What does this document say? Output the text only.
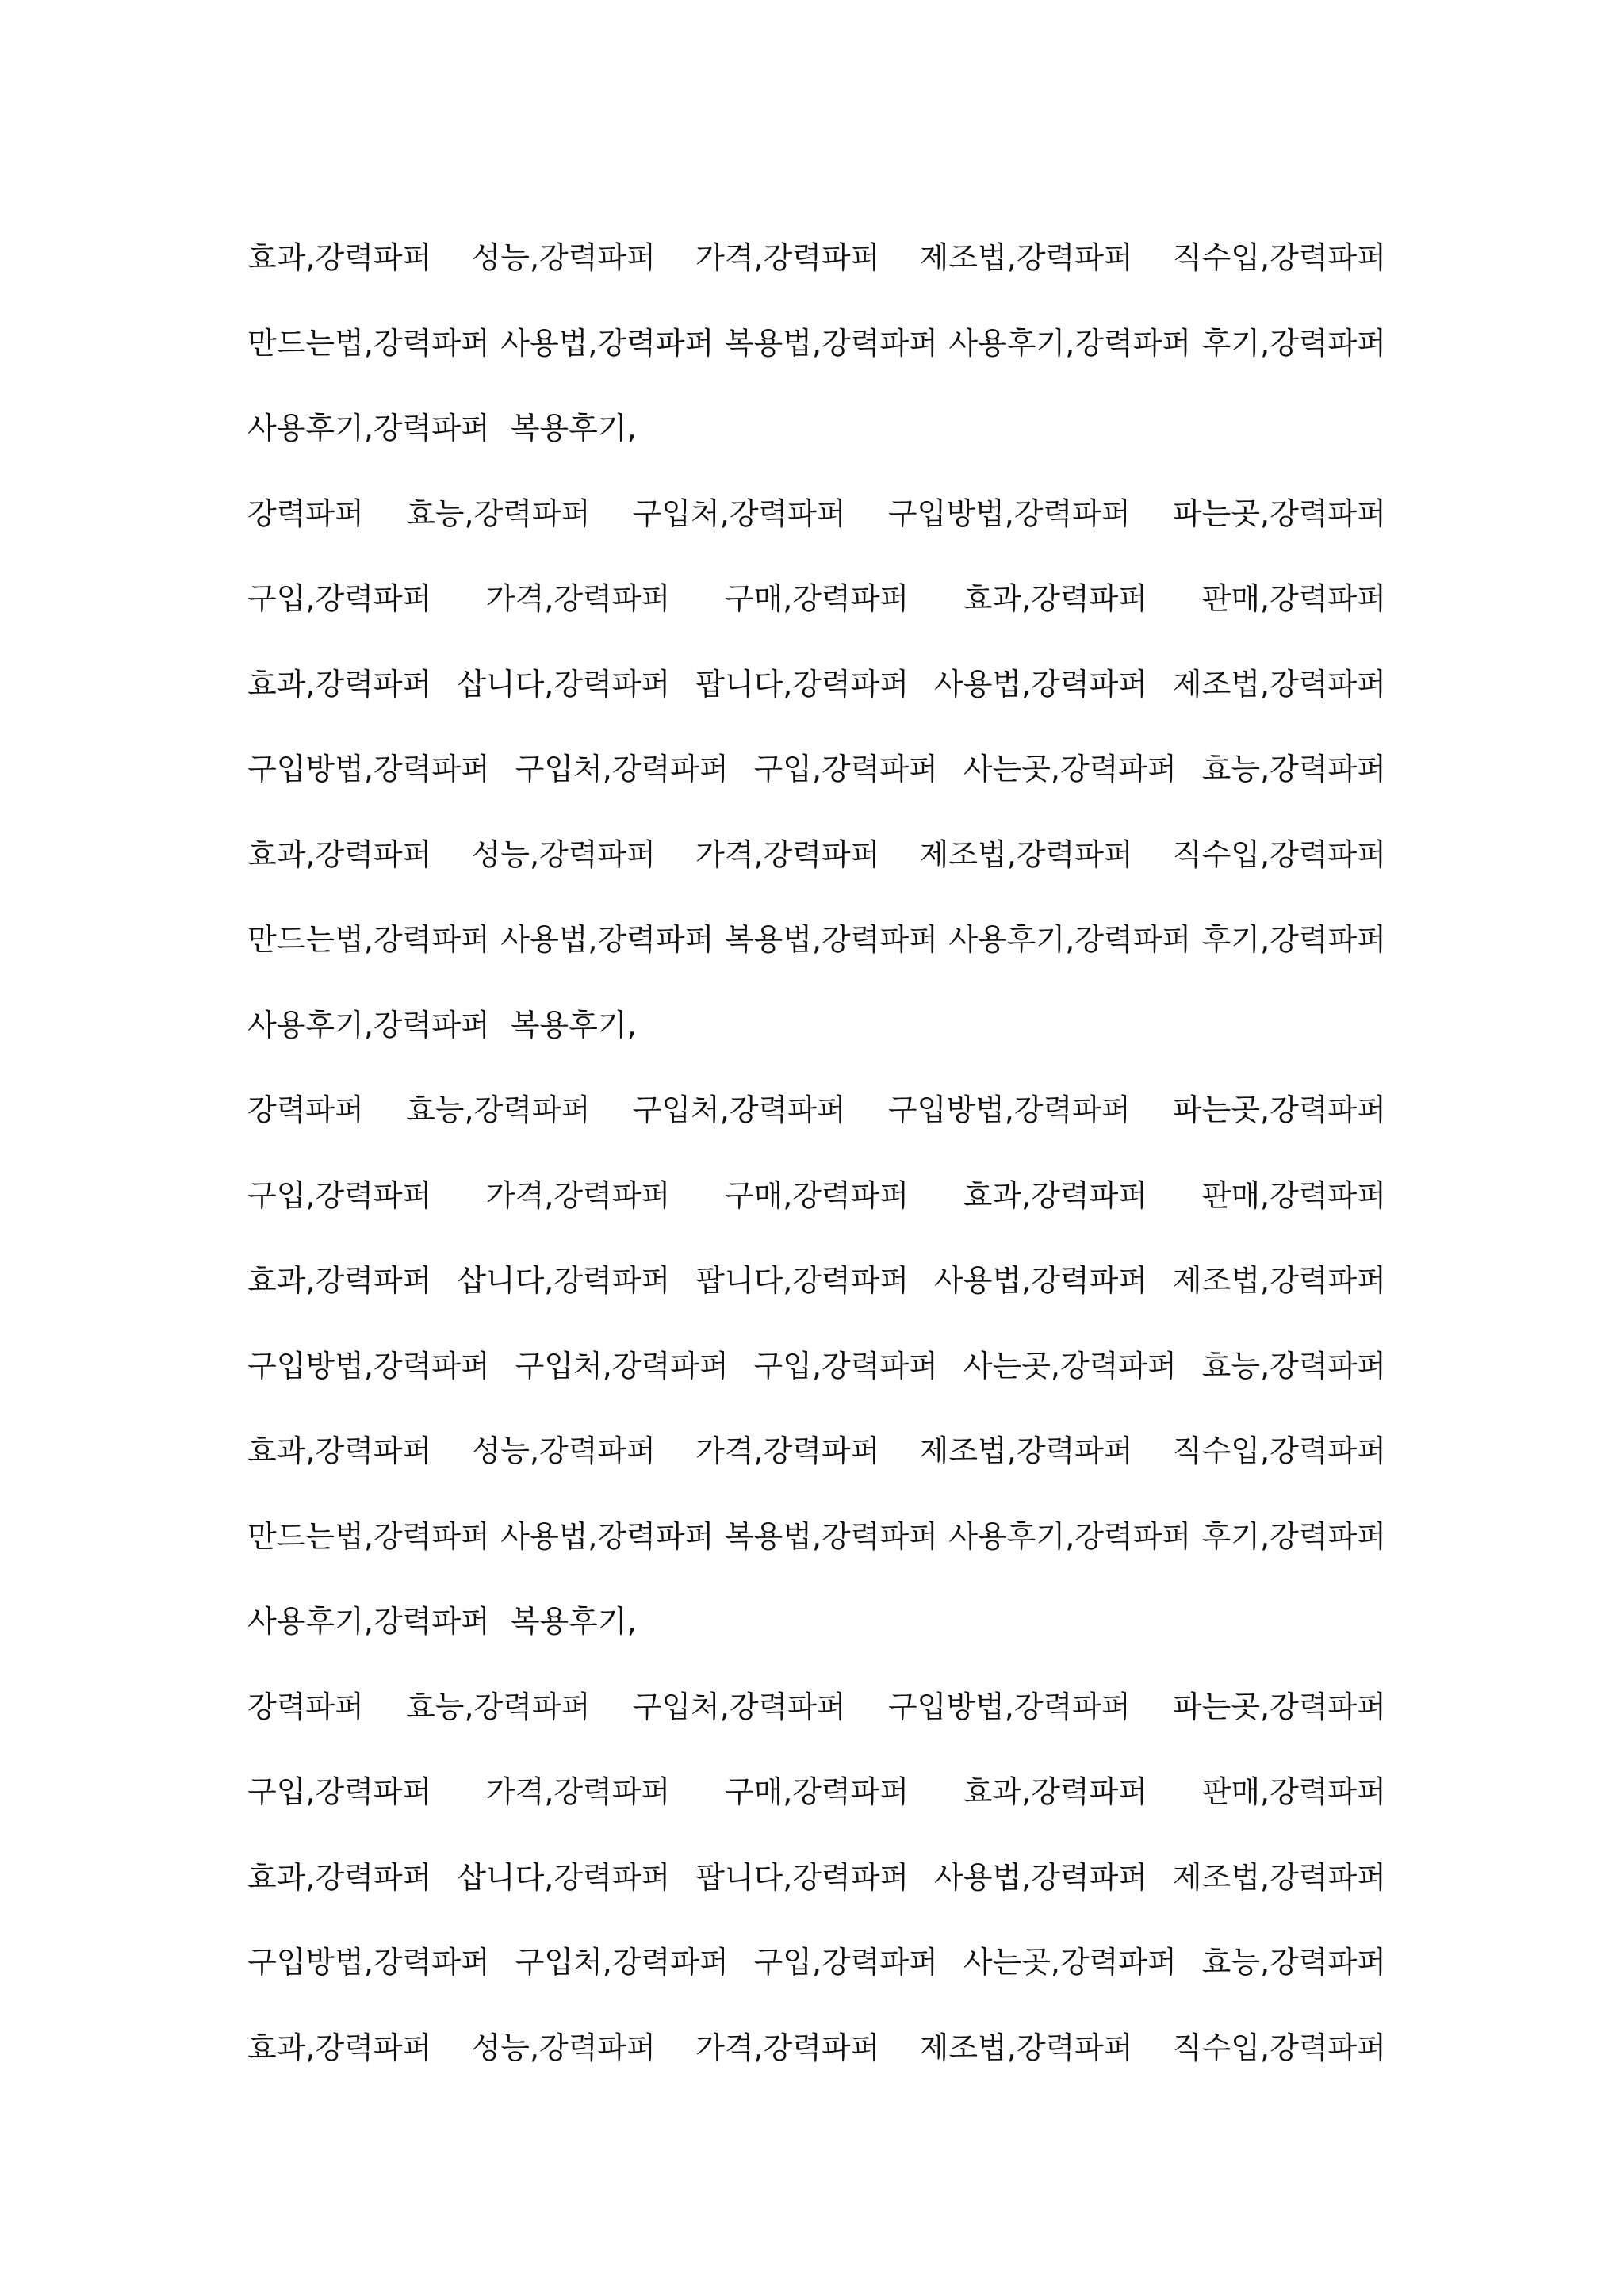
효과,강력파퍼 성능,강력파퍼 가격,강력파퍼 제조법,강력파퍼 직수입,강력파퍼
만드는법,강력파퍼 사용법,강력파퍼 복용법,강력파퍼 사용후기,강력파퍼 후기,강력파퍼
사용후기,강력파퍼 복용후기,
강력파퍼 효능,강력파퍼 구입처,강력파퍼 구입방법,강력파퍼 파는곳,강력파퍼
구입,강력파퍼 가격,강력파퍼 구매,강력파퍼 효과,강력파퍼 판매,강력파퍼
효과,강력파퍼 삽니다,강력파퍼 팝니다,강력파퍼 사용법,강력파퍼 제조법,강력파퍼
구입방법,강력파퍼 구입처,강력파퍼 구입,강력파퍼 사는곳,강력파퍼 효능,강력파퍼
효과,강력파퍼 성능,강력파퍼 가격,강력파퍼 제조법,강력파퍼 직수입,강력파퍼
만드는법,강력파퍼 사용법,강력파퍼 복용법,강력파퍼 사용후기,강력파퍼 후기,강력파퍼
사용후기,강력파퍼 복용후기,
강력파퍼 효능,강력파퍼 구입처,강력파퍼 구입방법,강력파퍼 파는곳,강력파퍼
구입,강력파퍼 가격,강력파퍼 구매,강력파퍼 효과,강력파퍼 판매,강력파퍼
효과,강력파퍼 삽니다,강력파퍼 팝니다,강력파퍼 사용법,강력파퍼 제조법,강력파퍼
구입방법,강력파퍼 구입처,강력파퍼 구입,강력파퍼 사는곳,강력파퍼 효능,강력파퍼
효과,강력파퍼 성능,강력파퍼 가격,강력파퍼 제조법,강력파퍼 직수입,강력파퍼
만드는법,강력파퍼 사용법,강력파퍼 복용법,강력파퍼 사용후기,강력파퍼 후기,강력파퍼
사용후기,강력파퍼 복용후기,
강력파퍼 효능,강력파퍼 구입처,강력파퍼 구입방법,강력파퍼 파는곳,강력파퍼
구입,강력파퍼 가격,강력파퍼 구매,강력파퍼 효과,강력파퍼 판매,강력파퍼
효과,강력파퍼 삽니다,강력파퍼 팝니다,강력파퍼 사용법,강력파퍼 제조법,강력파퍼
구입방법,강력파퍼 구입처,강력파퍼 구입,강력파퍼 사는곳,강력파퍼 효능,강력파퍼
효과,강력파퍼 성능,강력파퍼 가격,강력파퍼 제조법,강력파퍼 직수입,강력파퍼
